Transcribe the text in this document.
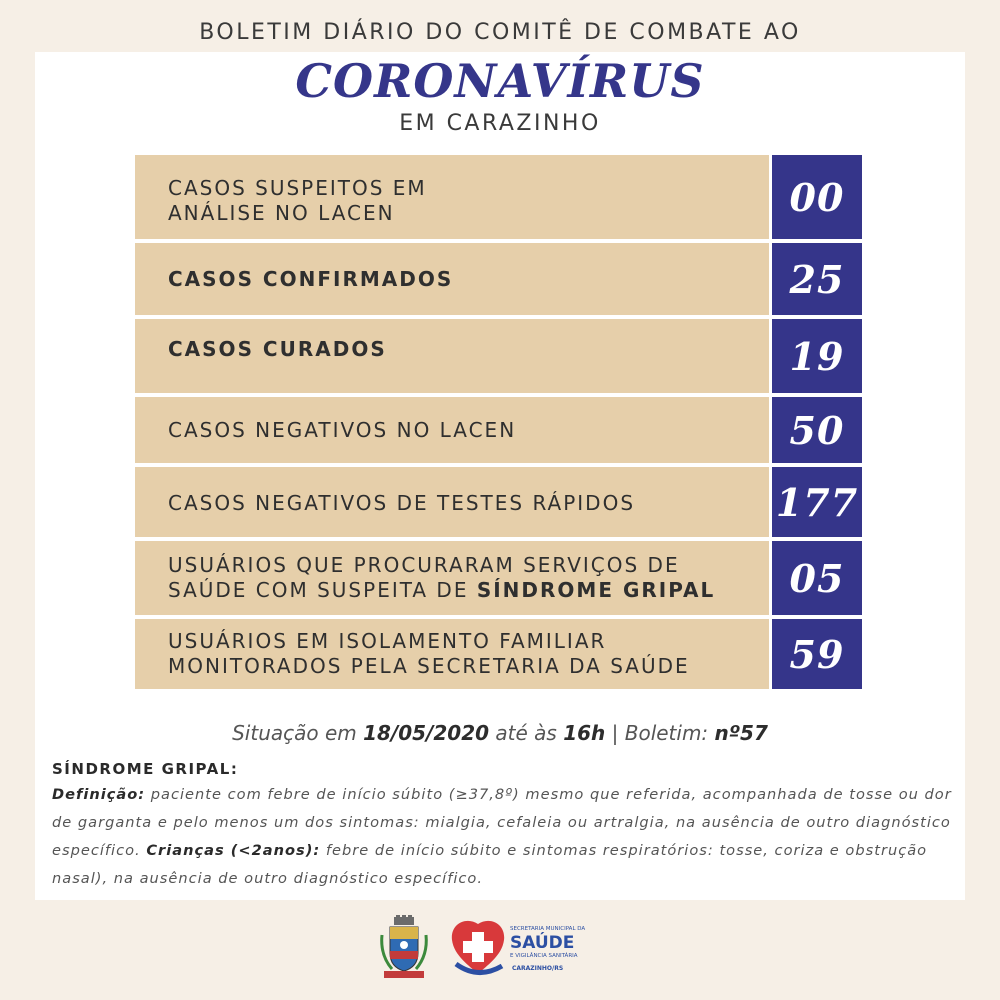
BOLETIM DIÁRIO DO COMITÊ DE COMBATE AO
CORONAVÍRUS
EM CARAZINHO
CASOS SUSPEITOS EM
ANÁLISE NO LACEN	00
CASOS CONFIRMADOS	25
CASOS CURADOS	19
CASOS NEGATIVOS NO LACEN	50
CASOS NEGATIVOS DE TESTES RÁPIDOS	177
USUÁRIOS QUE PROCURARAM SERVIÇOS DE
SAÚDE COM SUSPEITA DE SÍNDROME GRIPAL	05
USUÁRIOS EM ISOLAMENTO FAMILIAR
MONITORADOS PELA SECRETARIA DA SAÚDE	59
Situação em 18/05/2020 até às 16h | Boletim: nº57
SÍNDROME GRIPAL:
Definição: paciente com febre de início súbito (≥37,8º) mesmo que referida, acompanhada de tosse ou dor de garganta e pelo menos um dos sintomas: mialgia, cefaleia ou artralgia, na ausência de outro diagnóstico específico. Crianças (<2anos): febre de início súbito e sintomas respiratórios: tosse, coriza e obstrução nasal), na ausência de outro diagnóstico específico.
SECRETARIA MUNICIPAL DA
SAÚDE
E VIGILÂNCIA SANITÁRIA
CARAZINHO/RS
